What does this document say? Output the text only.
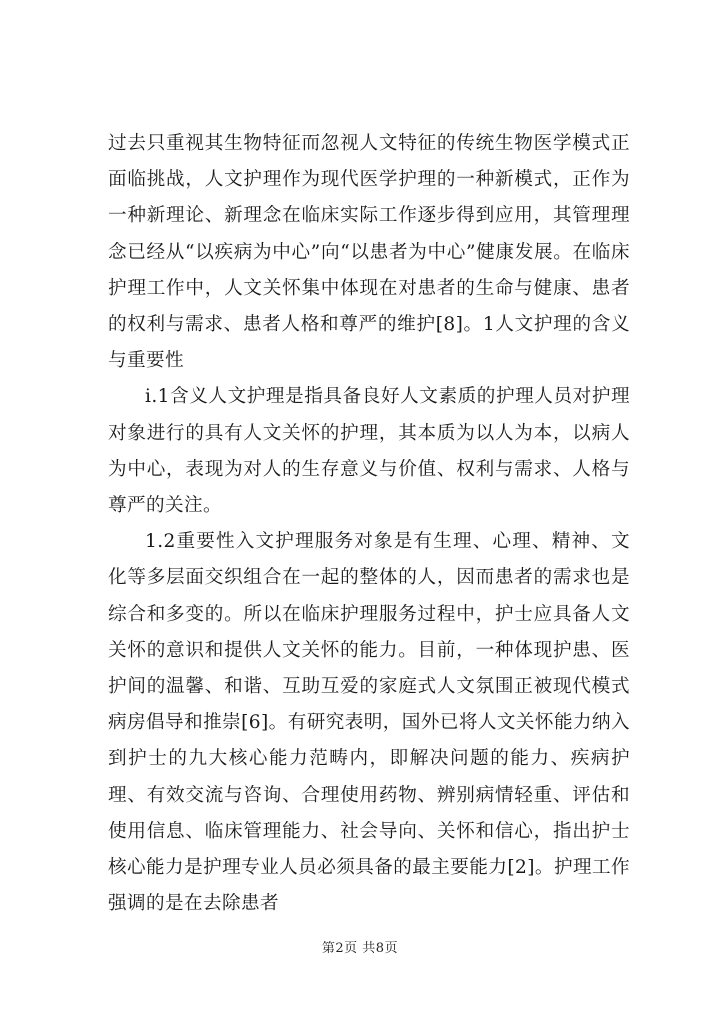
过去只重视其生物特征而忽视人文特征的传统生物医学模式正面临挑战，人文护理作为现代医学护理的一种新模式，正作为一种新理论、新理念在临床实际工作逐步得到应用，其管理理念已经从“以疾病为中心”向“以患者为中心”健康发展。在临床护理工作中，人文关怀集中体现在对患者的生命与健康、患者的权利与需求、患者人格和尊严的维护[8]。1人文护理的含义与重要性

i.1含义人文护理是指具备良好人文素质的护理人员对护理对象进行的具有人文关怀的护理，其本质为以人为本，以病人为中心，表现为对人的生存意义与价值、权利与需求、人格与尊严的关注。

1.2重要性入文护理服务对象是有生理、心理、精神、文化等多层面交织组合在一起的整体的人，因而患者的需求也是综合和多变的。所以在临床护理服务过程中，护士应具备人文关怀的意识和提供人文关怀的能力。目前，一种体现护患、医护间的温馨、和谐、互助互爱的家庭式人文氛围正被现代模式病房倡导和推崇[6]。有研究表明，国外已将人文关怀能力纳入到护士的九大核心能力范畴内，即解决问题的能力、疾病护理、有效交流与咨询、合理使用药物、辨别病情轻重、评估和使用信息、临床管理能力、社会导向、关怀和信心，指出护士核心能力是护理专业人员必须具备的最主要能力[2]。护理工作强调的是在去除患者

第2页 共8页
